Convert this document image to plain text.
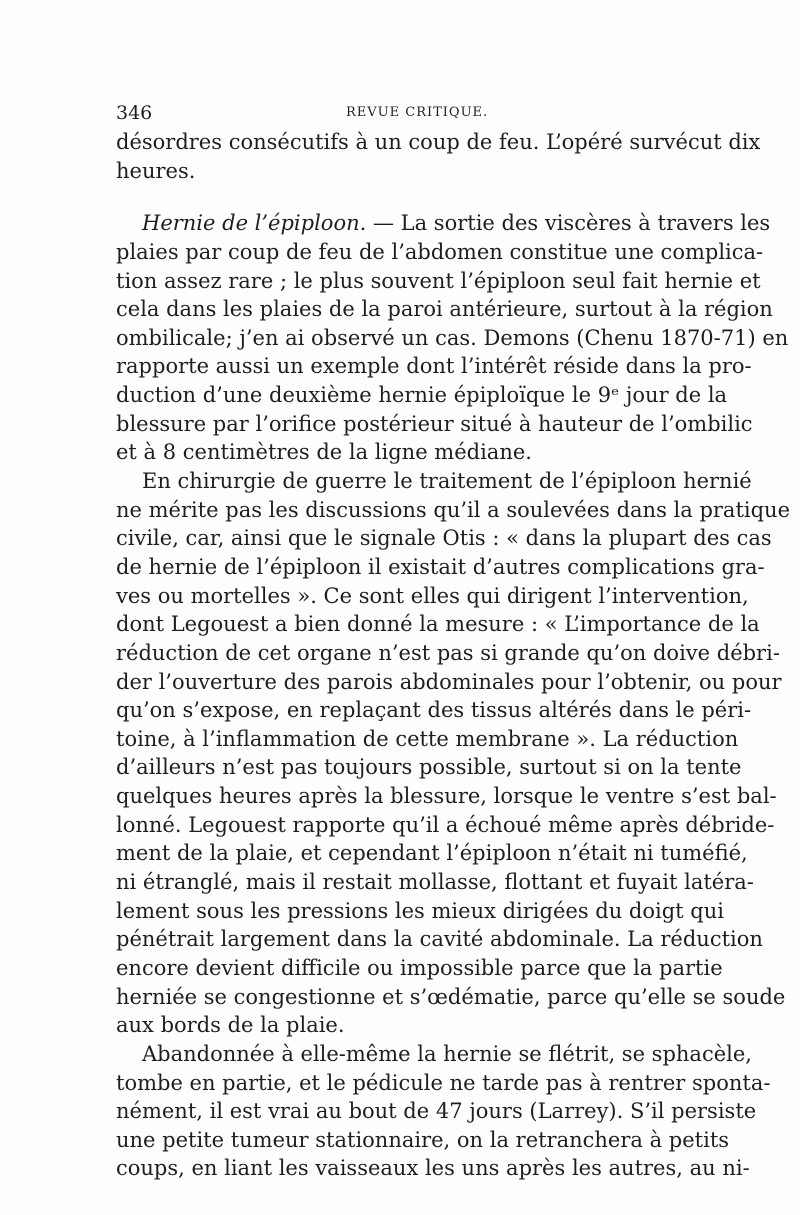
346	REVUE CRITIQUE.
désordres consécutifs à un coup de feu. L’opéré survécut dix
heures.
Hernie de l’épiploon. — La sortie des viscères à travers les
plaies par coup de feu de l’abdomen constitue une complica-
tion assez rare ; le plus souvent l’épiploon seul fait hernie et
cela dans les plaies de la paroi antérieure, surtout à la région
ombilicale; j’en ai observé un cas. Demons (Chenu 1870-71) en
rapporte aussi un exemple dont l’intérêt réside dans la pro-
duction d’une deuxième hernie épiploïque le 9ᵉ jour de la
blessure par l’orifice postérieur situé à hauteur de l’ombilic
et à 8 centimètres de la ligne médiane.
En chirurgie de guerre le traitement de l’épiploon hernié
ne mérite pas les discussions qu’il a soulevées dans la pratique
civile, car, ainsi que le signale Otis : « dans la plupart des cas
de hernie de l’épiploon il existait d’autres complications gra-
ves ou mortelles ». Ce sont elles qui dirigent l’intervention,
dont Legouest a bien donné la mesure : « L’importance de la
réduction de cet organe n’est pas si grande qu’on doive débri-
der l’ouverture des parois abdominales pour l’obtenir, ou pour
qu’on s’expose, en replaçant des tissus altérés dans le péri-
toine, à l’inflammation de cette membrane ». La réduction
d’ailleurs n’est pas toujours possible, surtout si on la tente
quelques heures après la blessure, lorsque le ventre s’est bal-
lonné. Legouest rapporte qu’il a échoué même après débride-
ment de la plaie, et cependant l’épiploon n’était ni tuméfié,
ni étranglé, mais il restait mollasse, flottant et fuyait latéra-
lement sous les pressions les mieux dirigées du doigt qui
pénétrait largement dans la cavité abdominale. La réduction
encore devient difficile ou impossible parce que la partie
herniée se congestionne et s’œdématie, parce qu’elle se soude
aux bords de la plaie.
Abandonnée à elle-même la hernie se flétrit, se sphacèle,
tombe en partie, et le pédicule ne tarde pas à rentrer sponta-
nément, il est vrai au bout de 47 jours (Larrey). S’il persiste
une petite tumeur stationnaire, on la retranchera à petits
coups, en liant les vaisseaux les uns après les autres, au ni-
